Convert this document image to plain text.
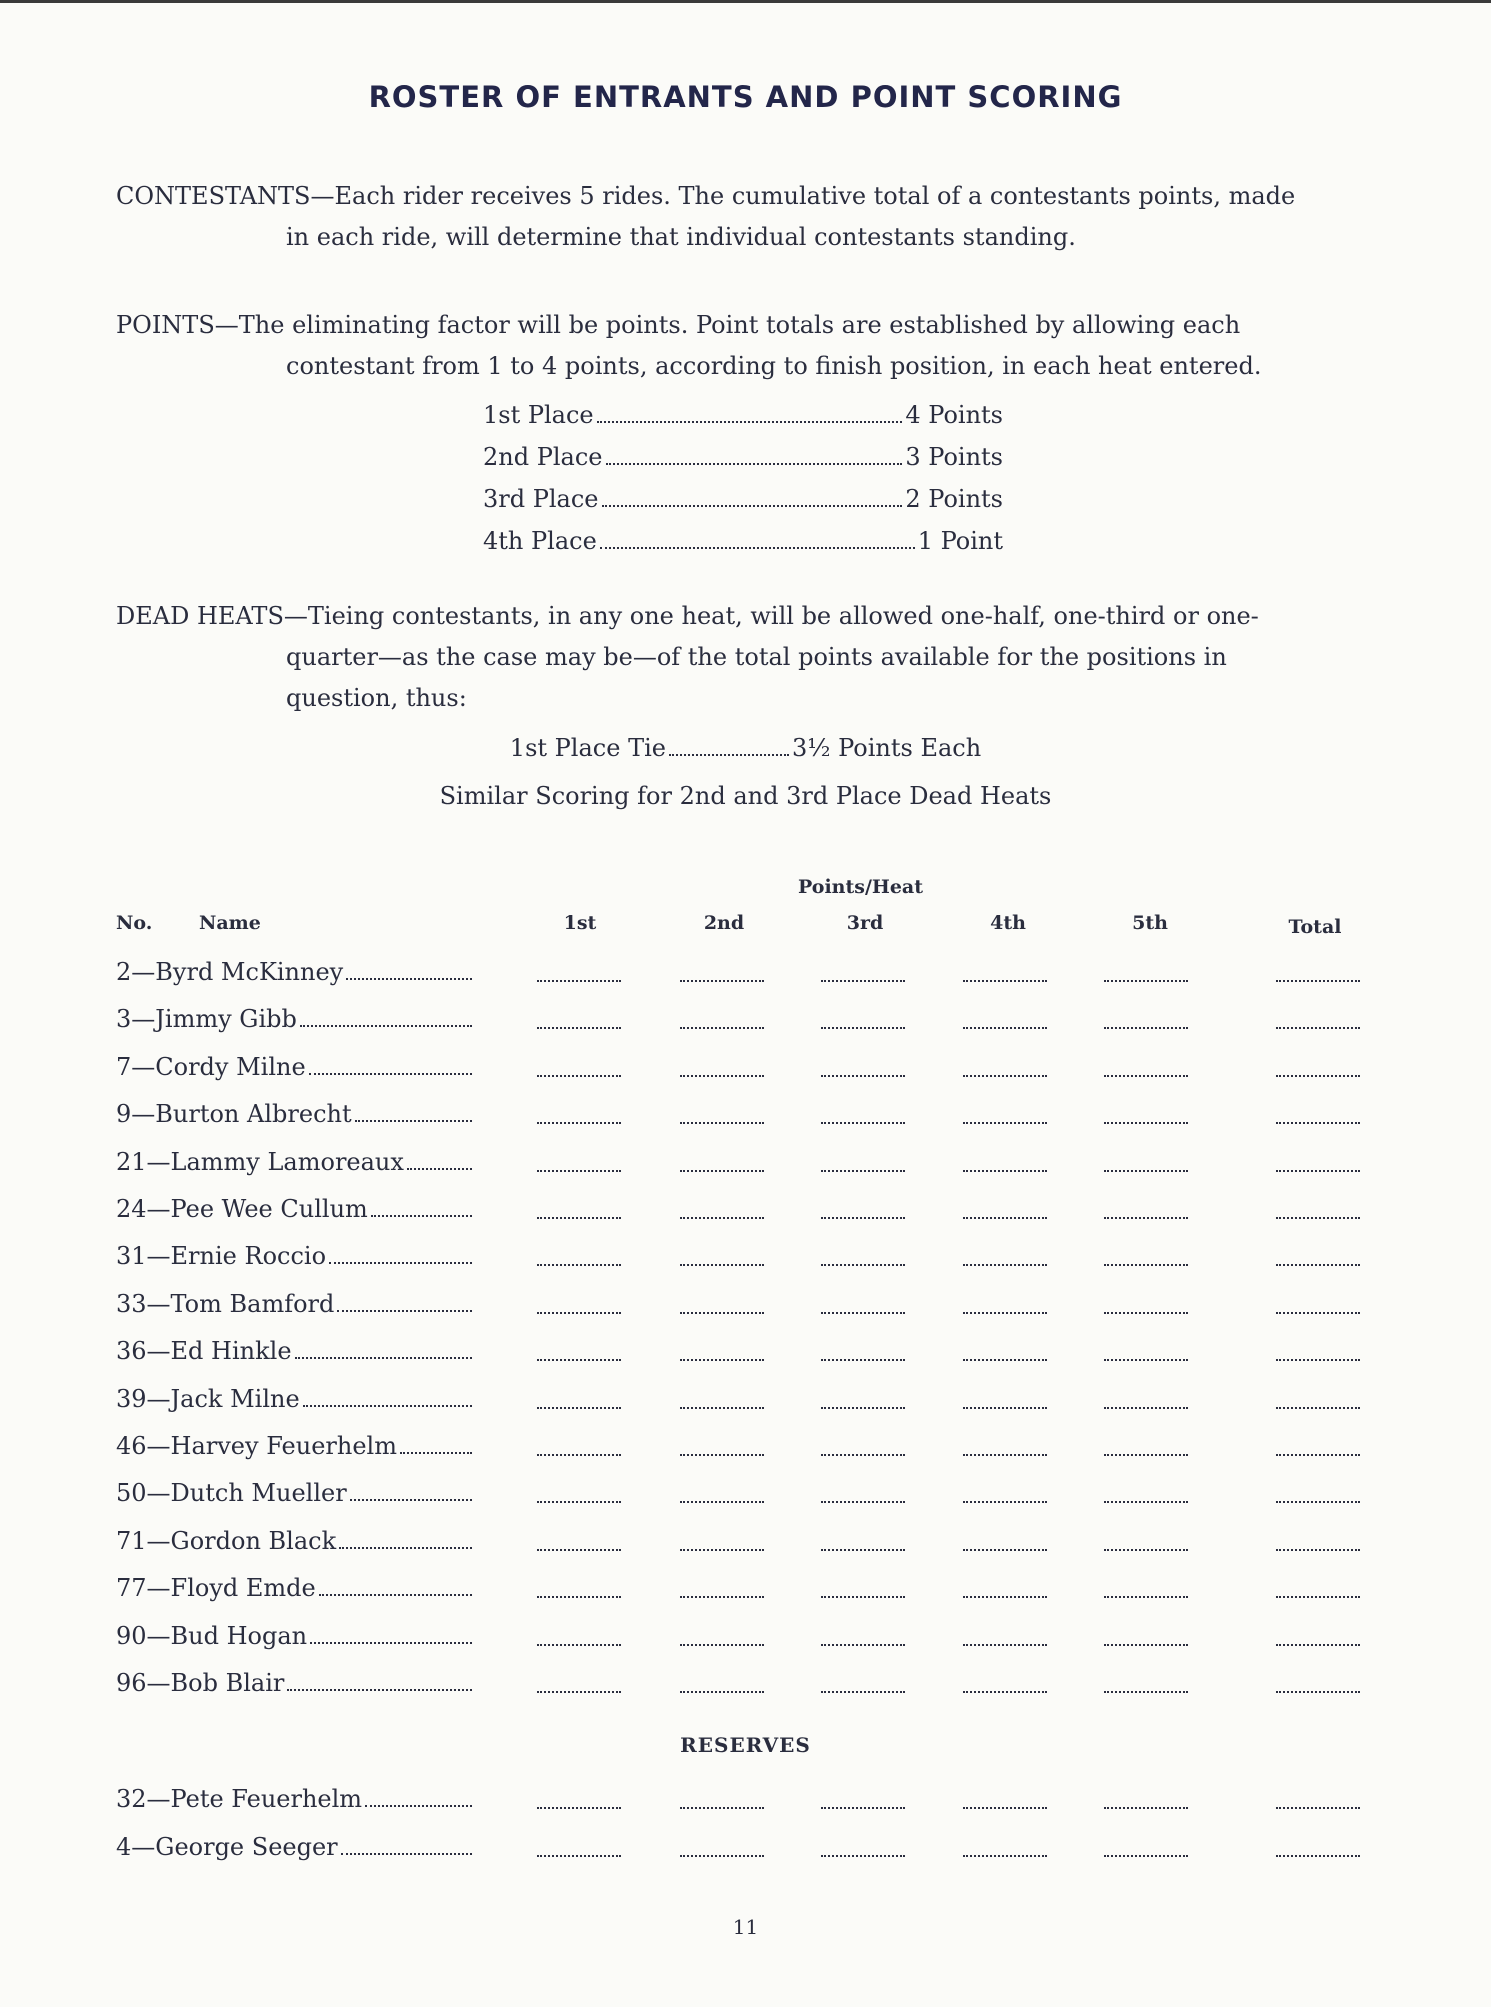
ROSTER OF ENTRANTS AND POINT SCORING
CONTESTANTS—Each rider receives 5 rides. The cumulative total of a contestants points, made
in each ride, will determine that individual contestants standing.
POINTS—The eliminating factor will be points. Point totals are established by allowing each
contestant from 1 to 4 points, according to finish position, in each heat entered.
1st Place	4 Points
2nd Place	3 Points
3rd Place	2 Points
4th Place	1 Point
DEAD HEATS—Tieing contestants, in any one heat, will be allowed one-half, one-third or one-
quarter—as the case may be—of the total points available for the positions in
question, thus:
1st Place Tie	3½ Points Each
Similar Scoring for 2nd and 3rd Place Dead Heats
Points/Heat
No. Name	1st	2nd	3rd	4th	5th	Total
2—Byrd McKinney
3—Jimmy Gibb
7—Cordy Milne
9—Burton Albrecht
21—Lammy Lamoreaux
24—Pee Wee Cullum
31—Ernie Roccio
33—Tom Bamford
36—Ed Hinkle
39—Jack Milne
46—Harvey Feuerhelm
50—Dutch Mueller
71—Gordon Black
77—Floyd Emde
90—Bud Hogan
96—Bob Blair
RESERVES
32—Pete Feuerhelm
4—George Seeger
11
